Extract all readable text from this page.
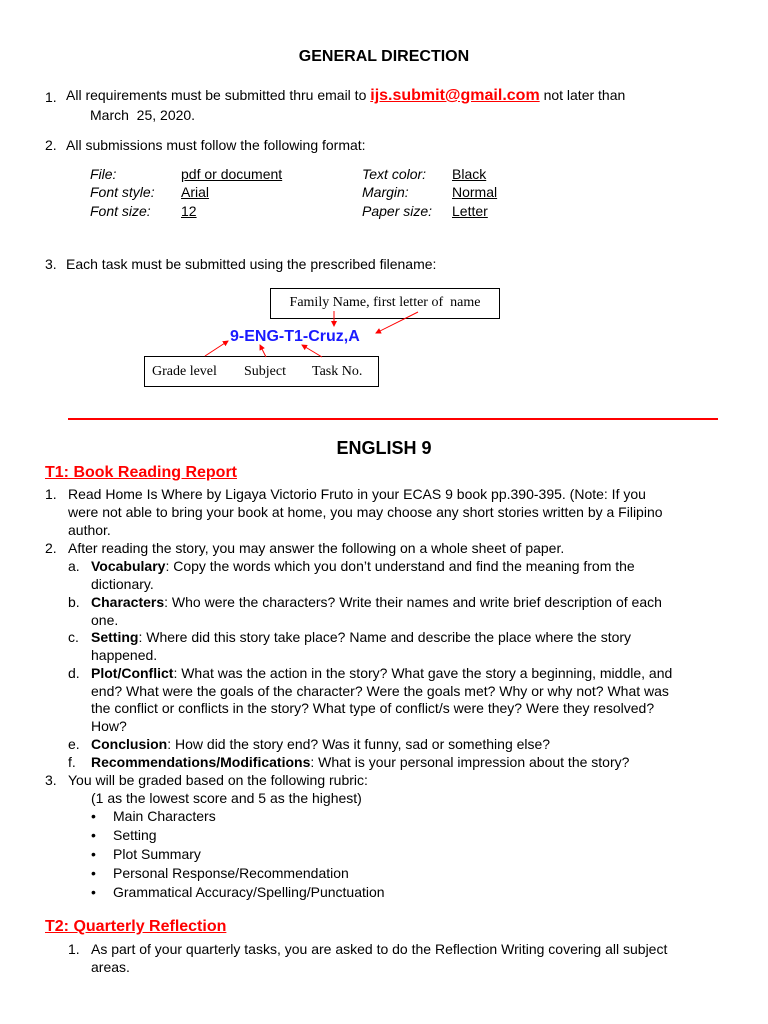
GENERAL DIRECTION
1. All requirements must be submitted thru email to ijs.submit@gmail.com not later than
March  25, 2020.
2. All submissions must follow the following format:
File:	pdf or document
Font style: Arial
Font size: 12
Text color: Black
Margin:	Normal
Paper size: Letter
3. Each task must be submitted using the prescribed filename:
Family Name, first letter of  name
9-ENG-T1-Cruz,A
Grade level Subject Task No.
ENGLISH 9
T1: Book Reading Report
1. Read Home Is Where by Ligaya Victorio Fruto in your ECAS 9 book pp.390-395. (Note: If you
were not able to bring your book at home, you may choose any short stories written by a Filipino
author.
2. After reading the story, you may answer the following on a whole sheet of paper.
a. Vocabulary: Copy the words which you don’t understand and find the meaning from the
dictionary.
b. Characters: Who were the characters? Write their names and write brief description of each
one.
c. Setting: Where did this story take place? Name and describe the place where the story
happened.
d. Plot/Conflict: What was the action in the story? What gave the story a beginning, middle, and
end? What were the goals of the character? Were the goals met? Why or why not? What was
the conflict or conflicts in the story? What type of conflict/s were they? Were they resolved?
How?
e. Conclusion: How did the story end? Was it funny, sad or something else?
f. Recommendations/Modifications: What is your personal impression about the story?
3. You will be graded based on the following rubric:
(1 as the lowest score and 5 as the highest)
• Main Characters
• Setting
• Plot Summary
• Personal Response/Recommendation
• Grammatical Accuracy/Spelling/Punctuation
T2: Quarterly Reflection
1. As part of your quarterly tasks, you are asked to do the Reflection Writing covering all subject
areas.
